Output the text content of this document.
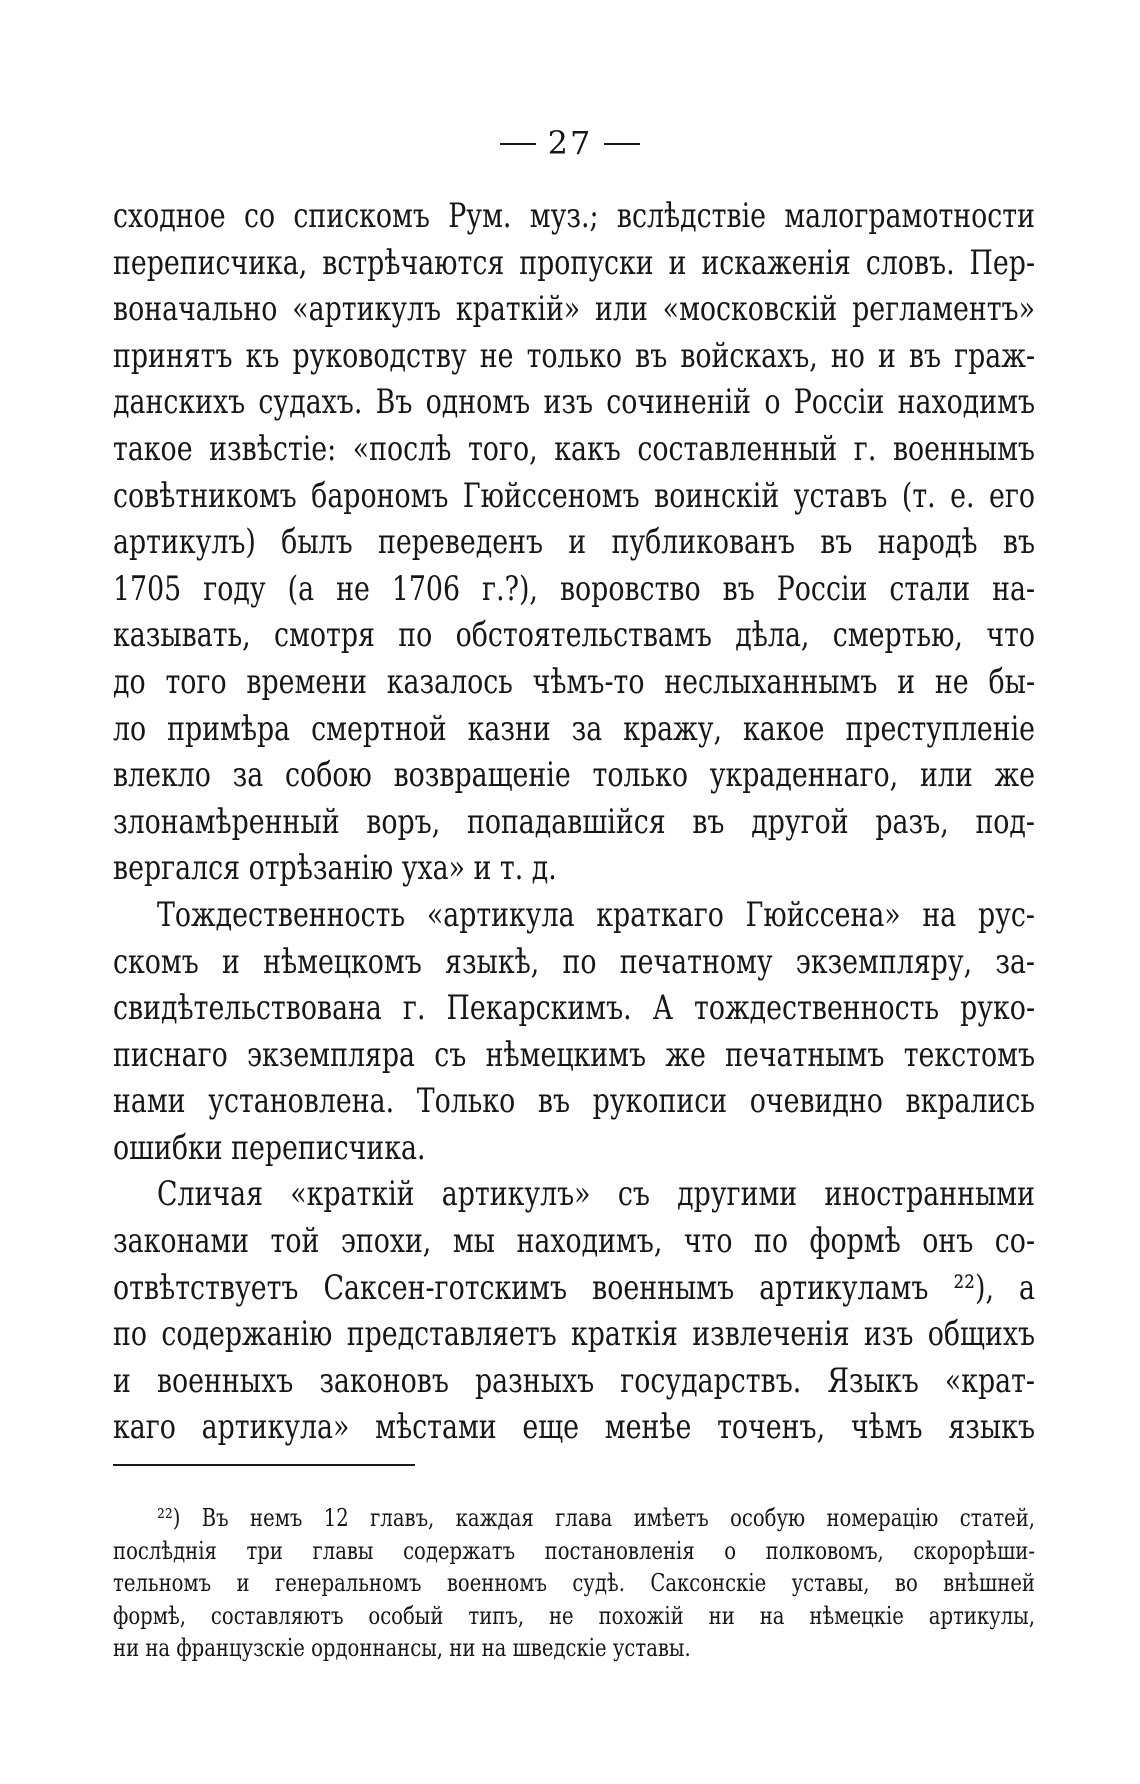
27
сходное со спискомъ Рум. муз.; вслѣдствіе малограмотности
переписчика, встрѣчаются пропуски и искаженія словъ. Пер-
воначально «артикулъ краткій» или «московскій регламентъ»
принятъ къ руководству не только въ войскахъ, но и въ граж-
данскихъ судахъ. Въ одномъ изъ сочиненій о Россіи находимъ
такое извѣстіе: «послѣ того, какъ составленный г. военнымъ
совѣтникомъ барономъ Гюйссеномъ воинскій уставъ (т. е. его
артикулъ) былъ переведенъ и публикованъ въ народѣ въ
1705 году (а не 1706 г.?), воровство въ Россіи стали на-
казывать, смотря по обстоятельствамъ дѣла, смертью, что
до того времени казалось чѣмъ-то неслыханнымъ и не бы-
ло примѣра смертной казни за кражу, какое преступленіе
влекло за собою возвращеніе только украденнаго, или же
злонамѣренный воръ, попадавшійся въ другой разъ, под-
вергался отрѣзанію уха» и т. д.
Тождественность «артикула краткаго Гюйссена» на рус-
скомъ и нѣмецкомъ языкѣ, по печатному экземпляру, за-
свидѣтельствована г. Пекарскимъ. А тождественность руко-
писнаго экземпляра съ нѣмецкимъ же печатнымъ текстомъ
нами установлена. Только въ рукописи очевидно вкрались
ошибки переписчика.
Сличая «краткій артикулъ» съ другими иностранными
законами той эпохи, мы находимъ, что по формѣ онъ со-
отвѣтствуетъ Саксен-готскимъ военнымъ артикуламъ ²²), а
по содержанію представляетъ краткія извлеченія изъ общихъ
и военныхъ законовъ разныхъ государствъ. Языкъ «крат-
каго артикула» мѣстами еще менѣе точенъ, чѣмъ языкъ
²²) Въ немъ 12 главъ, каждая глава имѣетъ особую номерацію статей,
послѣднія три главы содержатъ постановленія о полковомъ, скорорѣши-
тельномъ и генеральномъ военномъ судѣ. Саксонскіе уставы, во внѣшней
формѣ, составляютъ особый типъ, не похожій ни на нѣмецкіе артикулы,
ни на французскіе ордоннансы, ни на шведскіе уставы.
